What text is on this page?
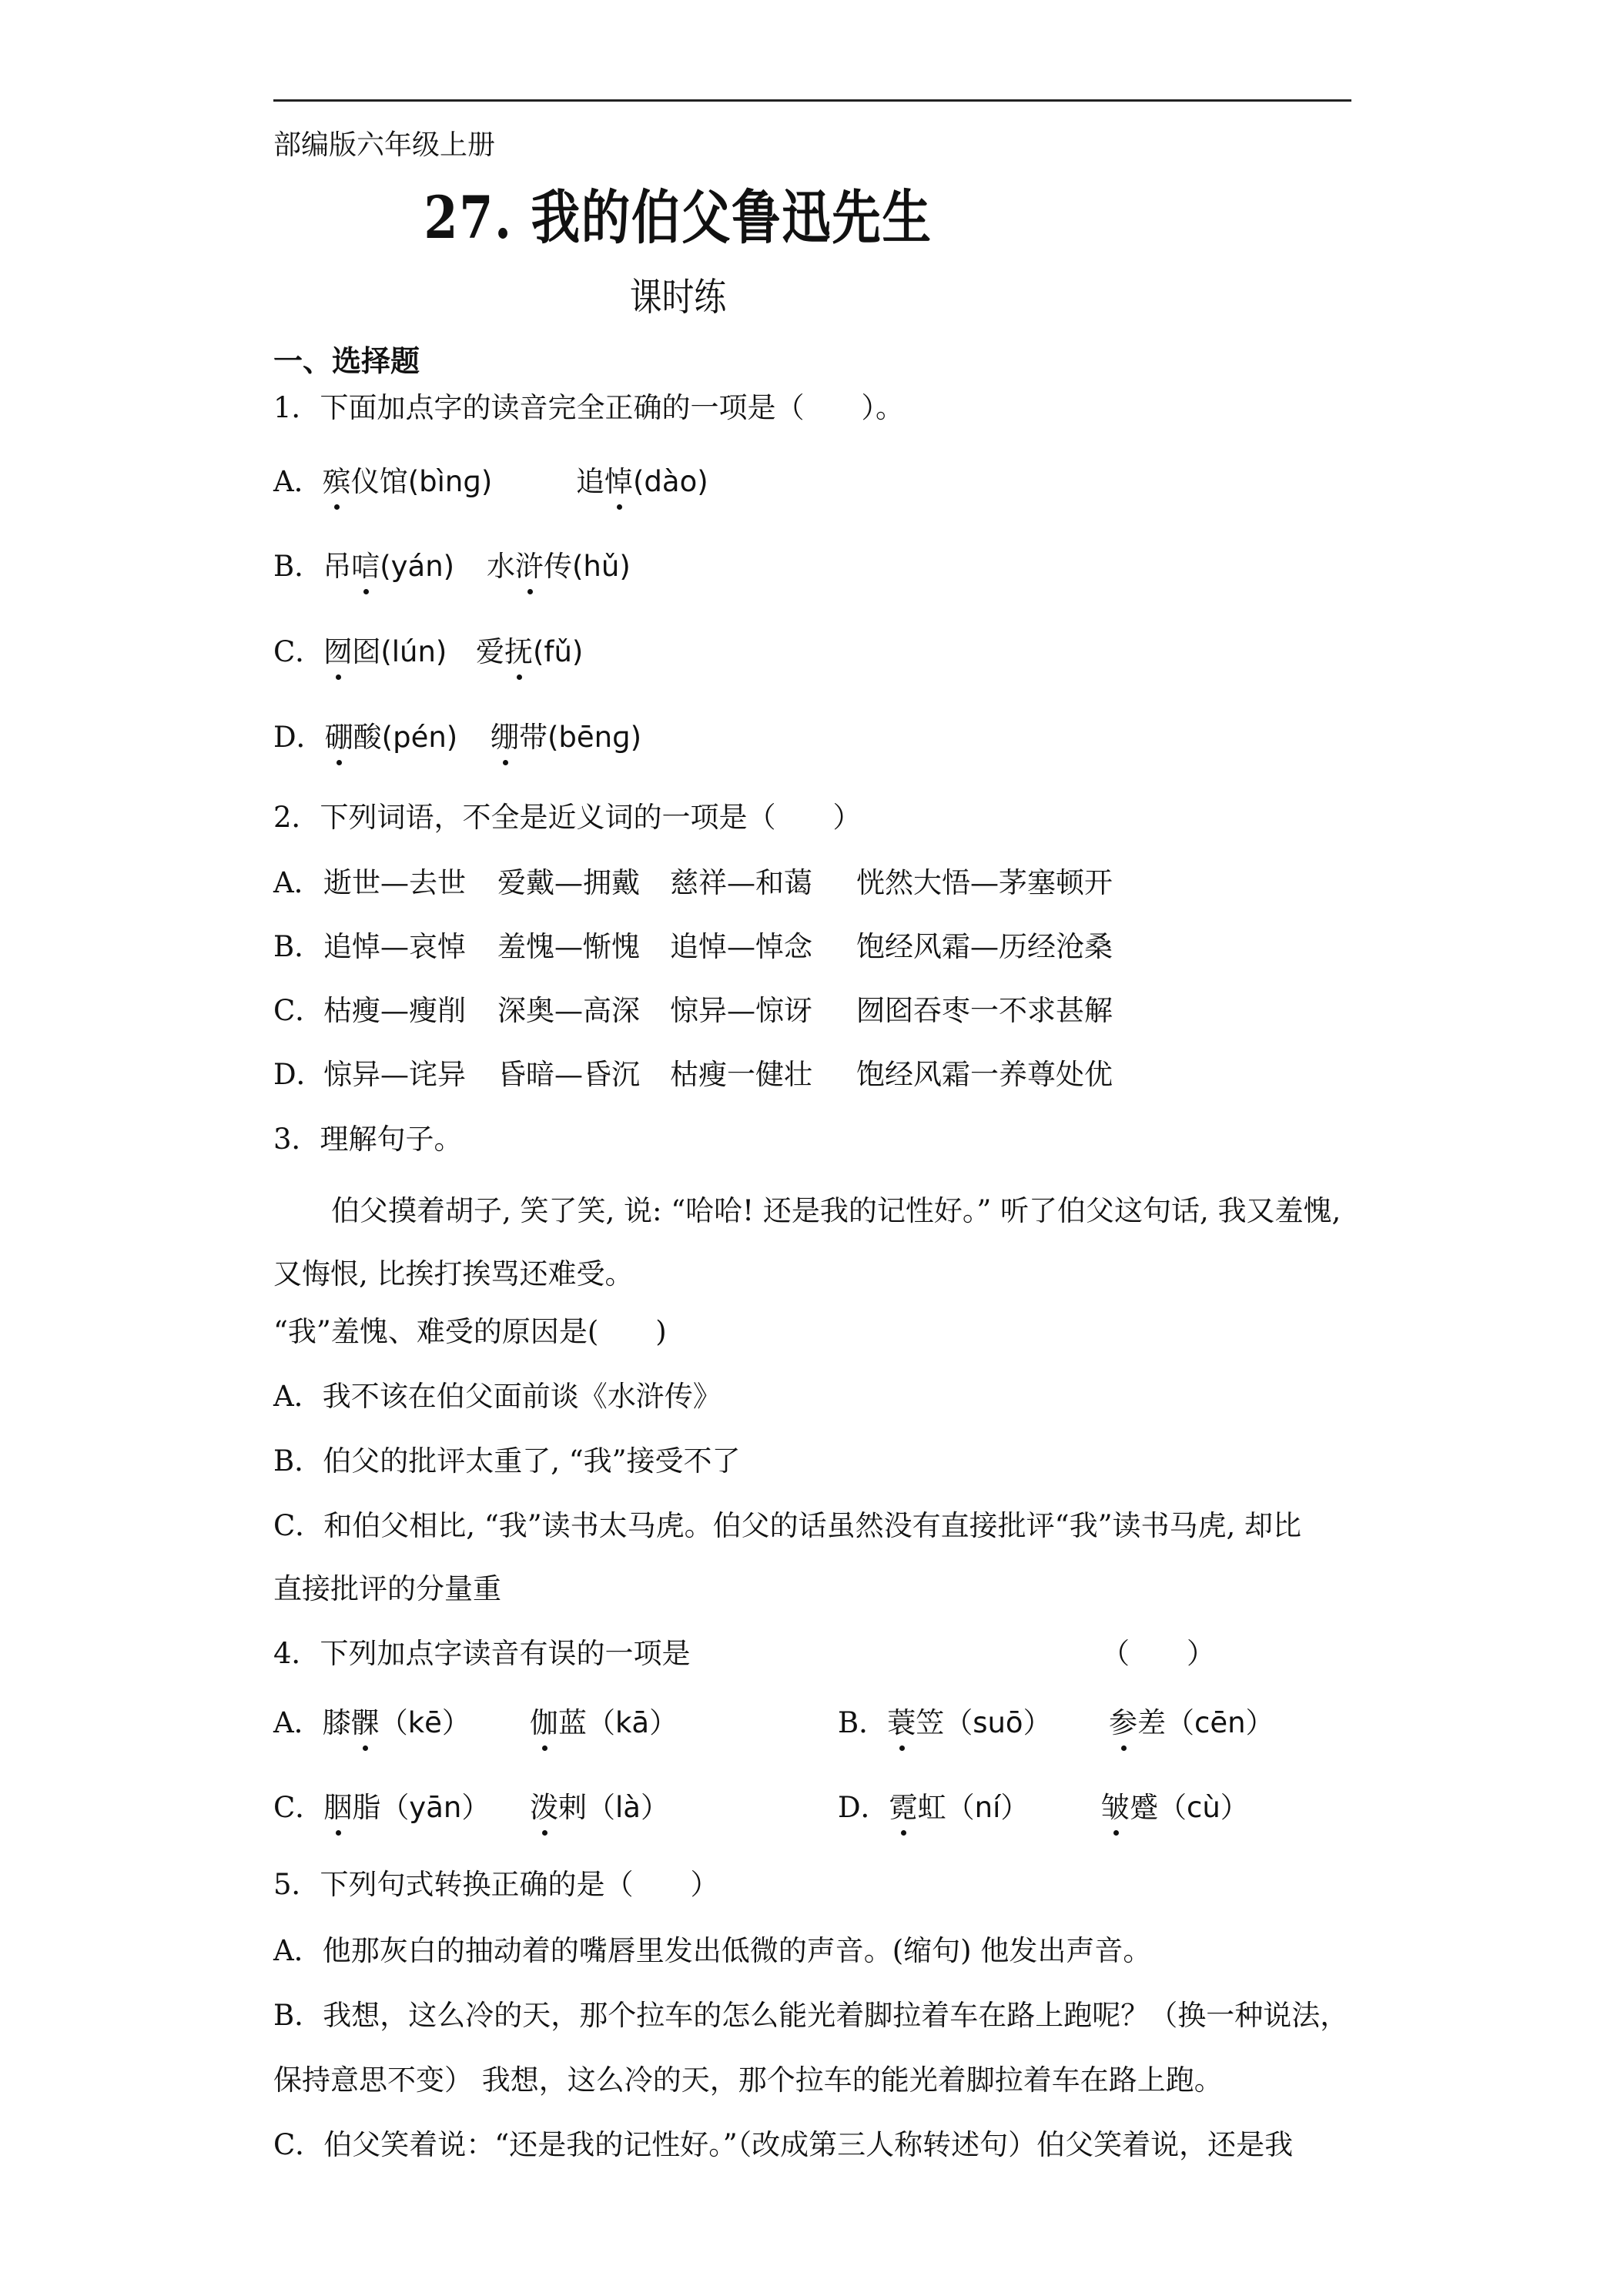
部编版六年级上册
27. 我的伯父鲁迅先生
课时练
一、选择题
1．下面加点字的读音完全正确的一项是（　　）。
A．殡仪馆(bìnɡ)	追悼(dào)
B．吊唁(yán) 水浒传(hǔ)
C．囫囵(lún) 爱抚(fǔ)
D．硼酸(pén) 绷带(bēnɡ)
2．下列词语，不全是近义词的一项是（　　）
A． 逝世—去世 爱戴—拥戴 慈祥—和蔼 恍然大悟—茅塞顿开
B． 追悼—哀悼 羞愧—惭愧 追悼—悼念 饱经风霜—历经沧桑
C． 枯瘦—瘦削 深奥—高深 惊异—惊讶 囫囵吞枣一不求甚解
D．
惊异—诧异 昏暗—昏沉 枯瘦一健壮 饱经风霜一养尊处优
3．理解句子。
伯父摸着胡子, 笑了笑, 说: “哈哈! 还是我的记性好。” 听了伯父这句话, 我又羞愧,
又悔恨, 比挨打挨骂还难受。
“我”羞愧、难受的原因是(　　)
A．我不该在伯父面前谈《水浒传》
B．伯父的批评太重了, “我”接受不了
C．和伯父相比, “我”读书太马虎。伯父的话虽然没有直接批评“我”读书马虎, 却比
直接批评的分量重
4．下列加点字读音有误的一项是	（　　）
A．膝髁（kē） 伽蓝（kā）	B．蓑笠（suō） 参差（cēn）
C．胭脂（yān） 泼剌（là）	D．霓虹（ní）	皱蹙（cù）
5．下列句式转换正确的是（　　）
A．他那灰白的抽动着的嘴唇里发出低微的声音。(缩句) 他发出声音。
B．我想，这么冷的天，那个拉车的怎么能光着脚拉着车在路上跑呢？（换一种说法，
保持意思不变） 我想，这么冷的天，那个拉车的能光着脚拉着车在路上跑。
C．伯父笑着说：“还是我的记性好。”（改成第三人称转述句）伯父笑着说，还是我
